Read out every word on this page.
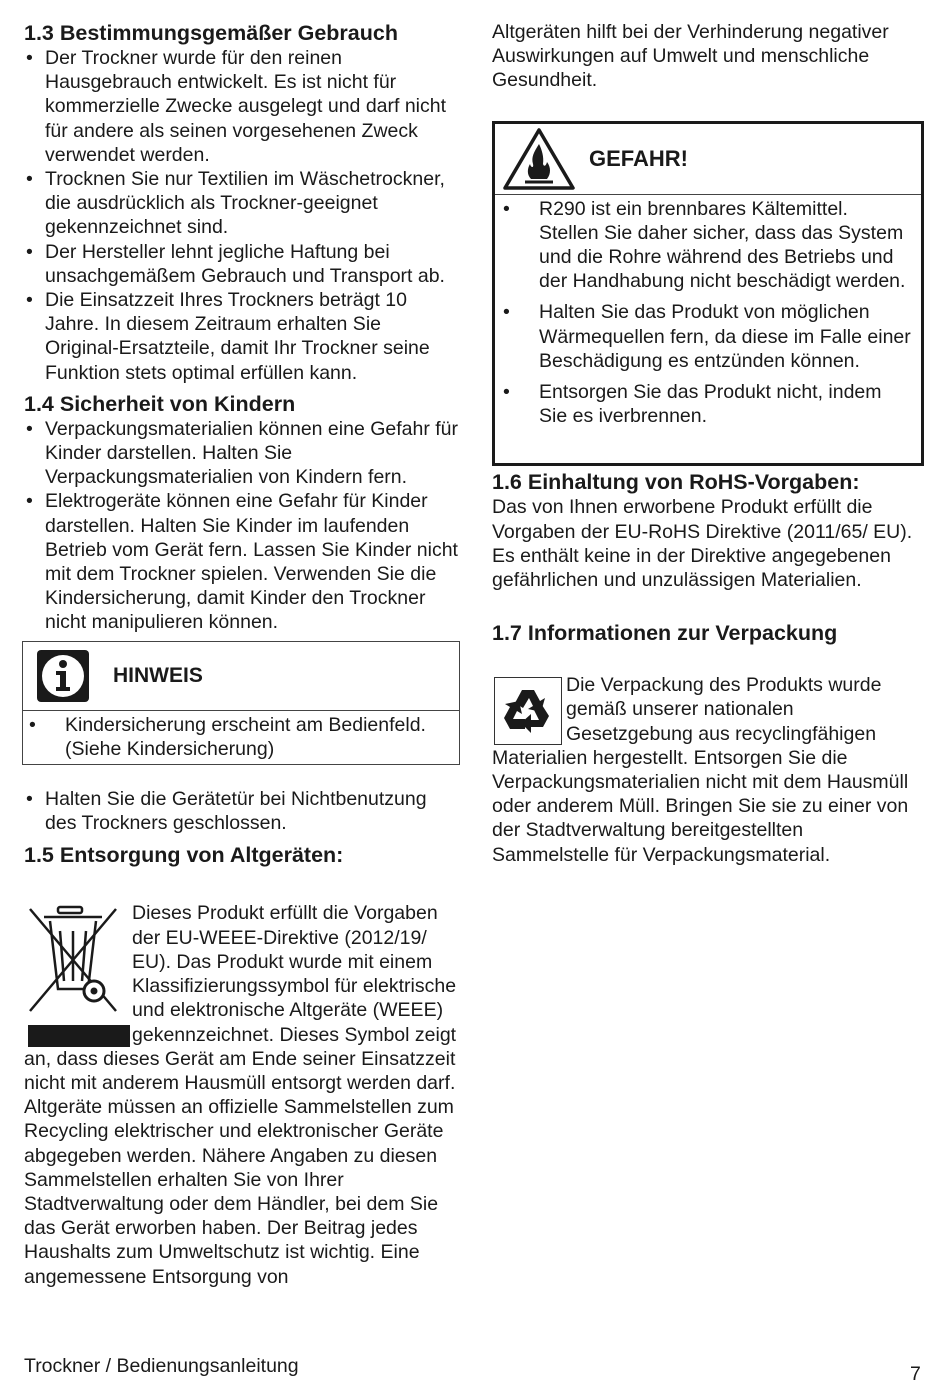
1.3 Bestimmungsgemäßer Gebrauch
• Der Trockner wurde für den reinen Hausgebrauch entwickelt. Es ist nicht für kommerzielle Zwecke ausgelegt und darf nicht für andere als seinen vorgesehenen Zweck verwendet werden.
• Trocknen Sie nur Textilien im Wäschetrockner, die ausdrücklich als Trockner-geeignet gekennzeichnet sind.
• Der Hersteller lehnt jegliche Haftung bei unsachgemäßem Gebrauch und Transport ab.
• Die Einsatzzeit Ihres Trockners beträgt 10 Jahre. In diesem Zeitraum erhalten Sie Original-Ersatzteile, damit Ihr Trockner seine Funktion stets optimal erfüllen kann.
1.4 Sicherheit von Kindern
• Verpackungsmaterialien können eine Gefahr für Kinder darstellen. Halten Sie Verpackungsmaterialien von Kindern fern.
• Elektrogeräte können eine Gefahr für Kinder darstellen. Halten Sie Kinder im laufenden Betrieb vom Gerät fern. Lassen Sie Kinder nicht mit dem Trockner spielen. Verwenden Sie die Kindersicherung, damit Kinder den Trockner nicht manipulieren können.
HINWEIS
• Kindersicherung erscheint am Bedienfeld. (Siehe Kindersicherung)
• Halten Sie die Gerätetür bei Nichtbenutzung des Trockners geschlossen.
1.5 Entsorgung von Altgeräten:

Dieses Produkt erfüllt die Vorgaben der EU-WEEE-Direktive (2012/19/ EU). Das Produkt wurde mit einem Klassifizierungssymbol für elektrische und elektronische Altgeräte (WEEE) gekennzeichnet. Dieses Symbol zeigt an, dass dieses Gerät am Ende seiner Einsatzzeit nicht mit anderem Hausmüll entsorgt werden darf. Altgeräte müssen an offizielle Sammelstellen zum Recycling elektrischer und elektronischer Geräte abgegeben werden. Nähere Angaben zu diesen Sammelstellen erhalten Sie von Ihrer Stadtverwaltung oder dem Händler, bei dem Sie das Gerät erworben haben. Der Beitrag jedes Haushalts zum Umweltschutz ist wichtig. Eine angemessene Entsorgung von

Altgeräten hilft bei der Verhinderung negativer Auswirkungen auf Umwelt und menschliche Gesundheit.

GEFAHR!
• R290 ist ein brennbares Kältemittel. Stellen Sie daher sicher, dass das System und die Rohre während des Betriebs und der Handhabung nicht beschädigt werden.
• Halten Sie das Produkt von möglichen Wärmequellen fern, da diese im Falle einer Beschädigung es entzünden können.
• Entsorgen Sie das Produkt nicht, indem Sie es iverbrennen.
1.6 Einhaltung von RoHS-Vorgaben:

Das von Ihnen erworbene Produkt erfüllt die Vorgaben der EU-RoHS Direktive (2011/65/ EU). Es enthält keine in der Direktive angegebenen gefährlichen und unzulässigen Materialien.

1.7 Informationen zur Verpackung

Die Verpackung des Produkts wurde gemäß unserer nationalen Gesetzgebung aus recyclingfähigen Materialien hergestellt. Entsorgen Sie die Verpackungsmaterialien nicht mit dem Hausmüll oder anderem Müll. Bringen Sie sie zu einer von der Stadtverwaltung bereitgestellten Sammelstelle für Verpackungsmaterial.

Trockner / Bedienungsanleitung	7
